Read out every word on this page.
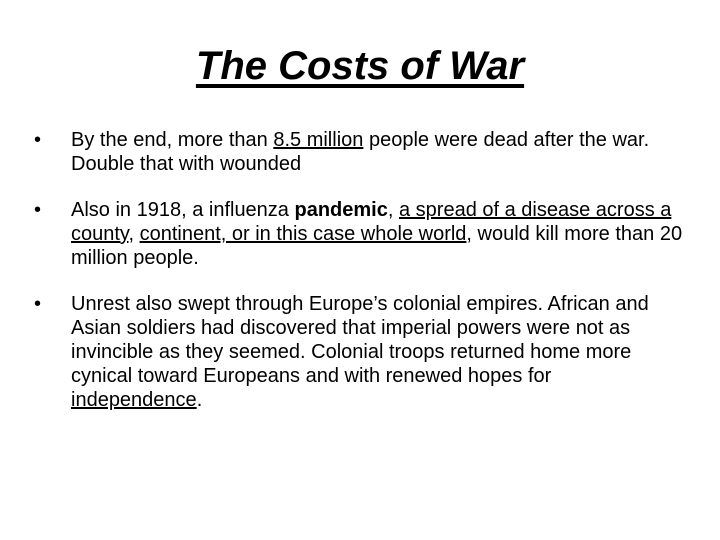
The Costs of War
• By the end, more than 8.5 million people were dead after the war. Double that with wounded
• Also in 1918, a influenza pandemic, a spread of a disease across a county, continent, or in this case whole world, would kill more than 20 million people.
• Unrest also swept through Europe’s colonial empires. African and Asian soldiers had discovered that imperial powers were not as invincible as they seemed. Colonial troops returned home more cynical toward Europeans and with renewed hopes for independence.
